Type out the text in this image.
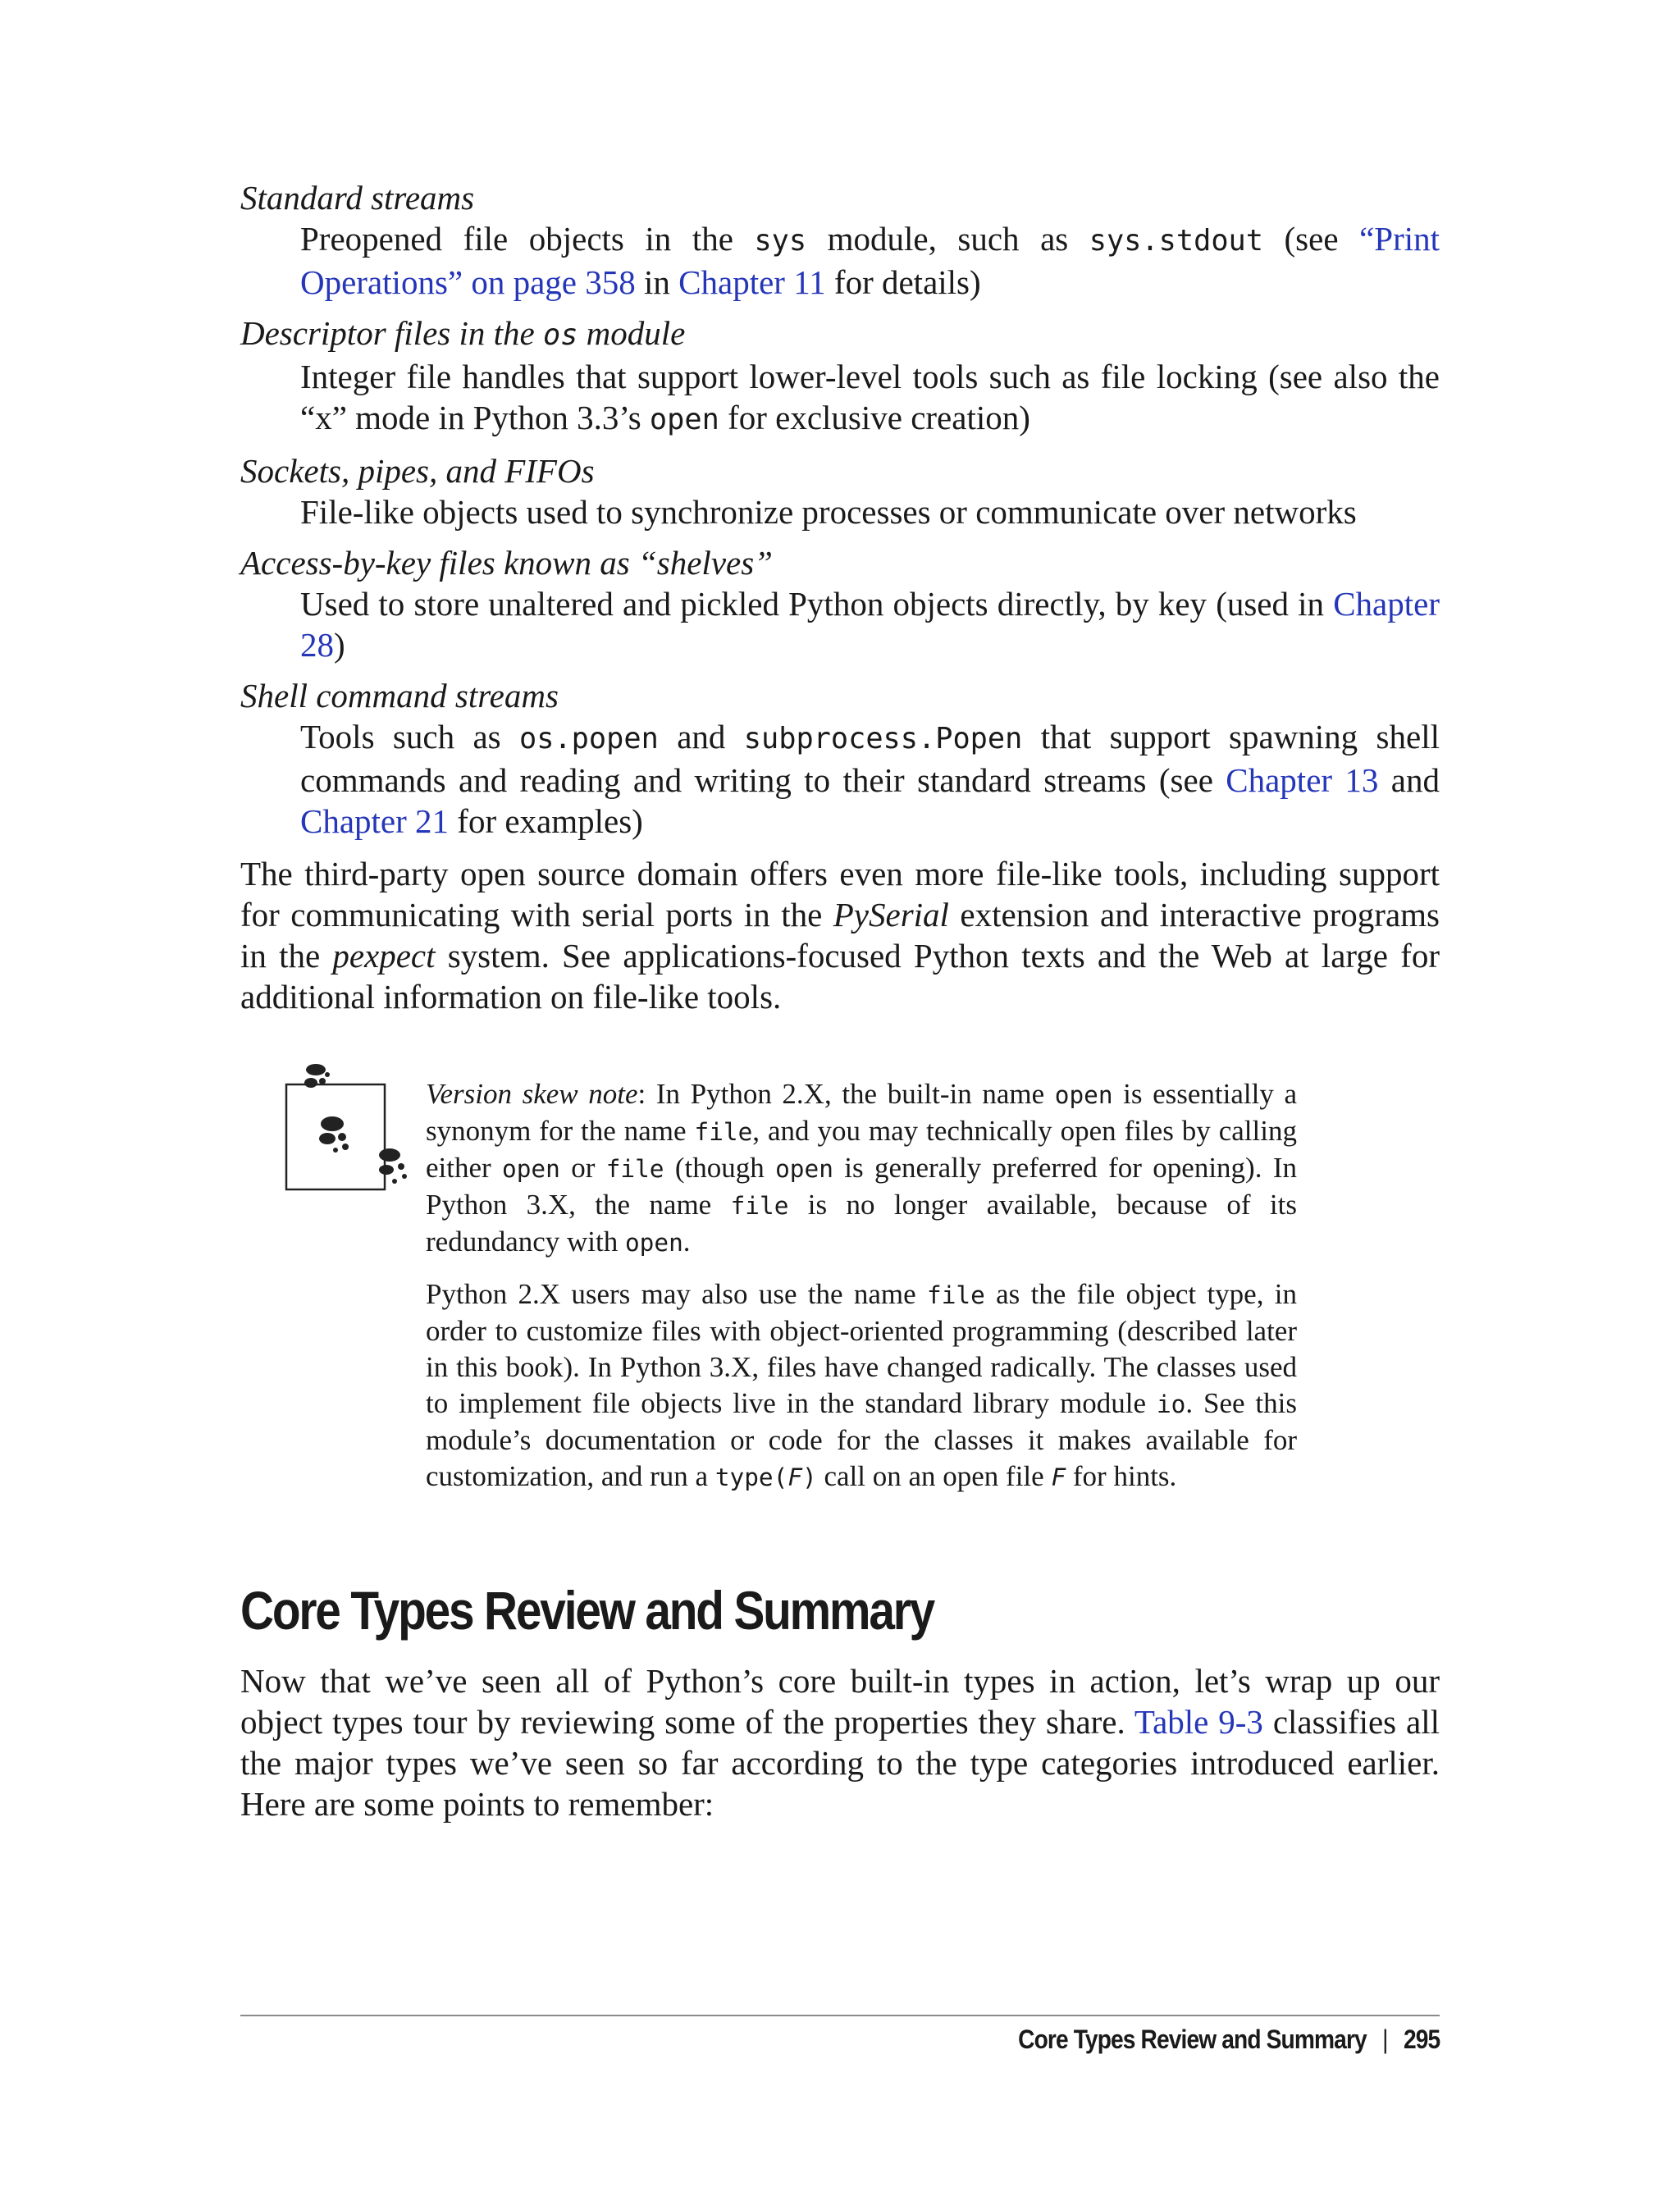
Standard streams

Preopened file objects in the sys module, such as sys.stdout (see “Print Operations” on page 358 in Chapter 11 for details)

Descriptor files in the os module

Integer file handles that support lower-level tools such as file locking (see also the “x” mode in Python 3.3’s open for exclusive creation)

Sockets, pipes, and FIFOs

File-like objects used to synchronize processes or communicate over networks

Access-by-key files known as “shelves”

Used to store unaltered and pickled Python objects directly, by key (used in Chapter 28)

Shell command streams

Tools such as os.popen and subprocess.Popen that support spawning shell commands and reading and writing to their standard streams (see Chapter 13 and Chapter 21 for examples)

The third-party open source domain offers even more file-like tools, including support for communicating with serial ports in the PySerial extension and interactive programs in the pexpect system. See applications-focused Python texts and the Web at large for additional information on file-like tools.

Version skew note: In Python 2.X, the built-in name open is essentially a synonym for the name file, and you may technically open files by calling either open or file (though open is generally preferred for opening). In Python 3.X, the name file is no longer available, because of its redundancy with open.

Python 2.X users may also use the name file as the file object type, in order to customize files with object-oriented programming (described later in this book). In Python 3.X, files have changed radically. The classes used to implement file objects live in the standard library module io. See this module’s documentation or code for the classes it makes available for customization, and run a type(F) call on an open file F for hints.

Core Types Review and Summary

Now that we’ve seen all of Python’s core built-in types in action, let’s wrap up our object types tour by reviewing some of the properties they share. Table 9-3 classifies all the major types we’ve seen so far according to the type categories introduced earlier. Here are some points to remember:

Core Types Review and Summary | 295
